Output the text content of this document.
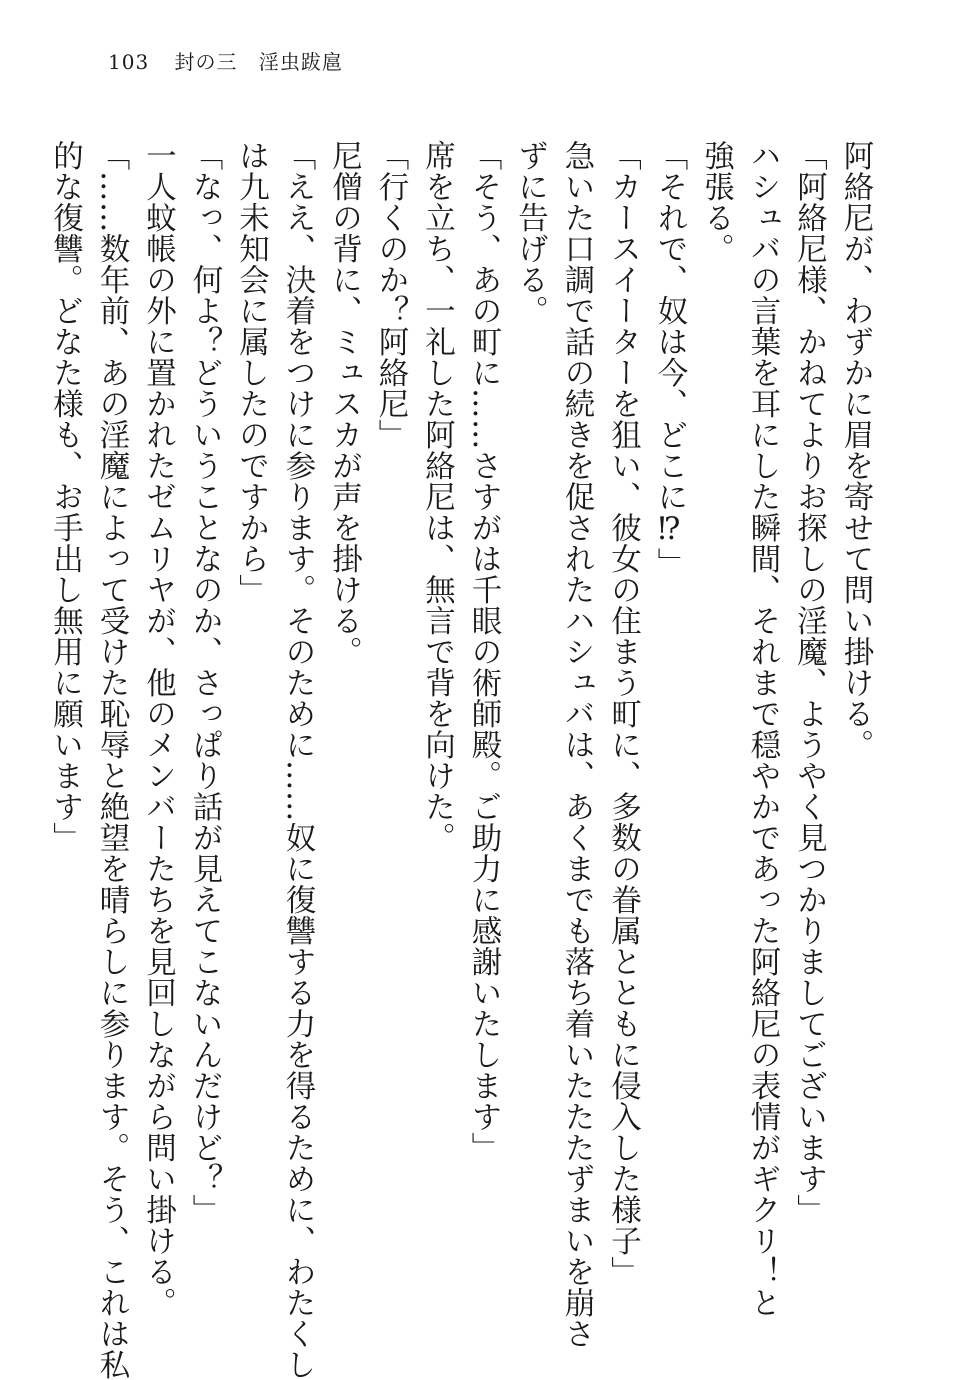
103 封の三 淫虫跋扈
阿絡尼が、わずかに眉を寄せて問い掛ける。
「阿絡尼様、かねてよりお探しの淫魔、ようやく見つかりましてございます」
ハシュバの言葉を耳にした瞬間、それまで穏やかであった阿絡尼の表情がギクリ！と
強張る。
「それで、奴は今、どこに⁉」
「カースイーターを狙い、彼女の住まう町に、多数の眷属とともに侵入した様子」
急いた口調で話の続きを促されたハシュバは、あくまでも落ち着いたたたずまいを崩さ
ずに告げる。
「そう、あの町に……さすがは千眼の術師殿。ご助力に感謝いたします」
席を立ち、一礼した阿絡尼は、無言で背を向けた。
「行くのか？阿絡尼」
尼僧の背に、ミュスカが声を掛ける。
「ええ、決着をつけに参ります。そのために……奴に復讐する力を得るために、わたくし
は九未知会に属したのですから」
「なっ、何よ？どういうことなのか、さっぱり話が見えてこないんだけど？」
一人蚊帳の外に置かれたゼムリヤが、他のメンバーたちを見回しながら問い掛ける。
「……数年前、あの淫魔によって受けた恥辱と絶望を晴らしに参ります。そう、これは私
的な復讐。どなた様も、お手出し無用に願います」
